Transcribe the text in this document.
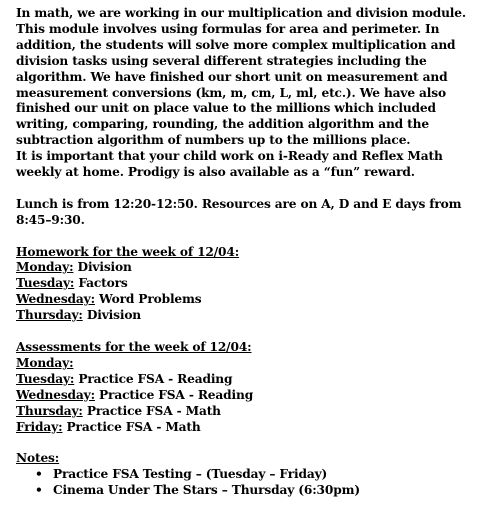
In math, we are working in our multiplication and division module. This module involves using formulas for area and perimeter. In addition, the students will solve more complex multiplication and division tasks using several different strategies including the algorithm. We have finished our short unit on measurement and measurement conversions (km, m, cm, L, ml, etc.). We have also finished our unit on place value to the millions which included writing, comparing, rounding, the addition algorithm and the subtraction algorithm of numbers up to the millions place.

It is important that your child work on i-Ready and Reflex Math weekly at home. Prodigy is also available as a “fun” reward.

Lunch is from 12:20-12:50. Resources are on A, D and E days from 8:45–9:30.

Homework for the week of 12/04:

Monday: Division

Tuesday: Factors

Wednesday: Word Problems

Thursday: Division

Assessments for the week of 12/04:

Monday:

Tuesday: Practice FSA - Reading

Wednesday: Practice FSA - Reading

Thursday: Practice FSA - Math

Friday: Practice FSA - Math

Notes:

• Practice FSA Testing – (Tuesday – Friday)
• Cinema Under The Stars – Thursday (6:30pm)
